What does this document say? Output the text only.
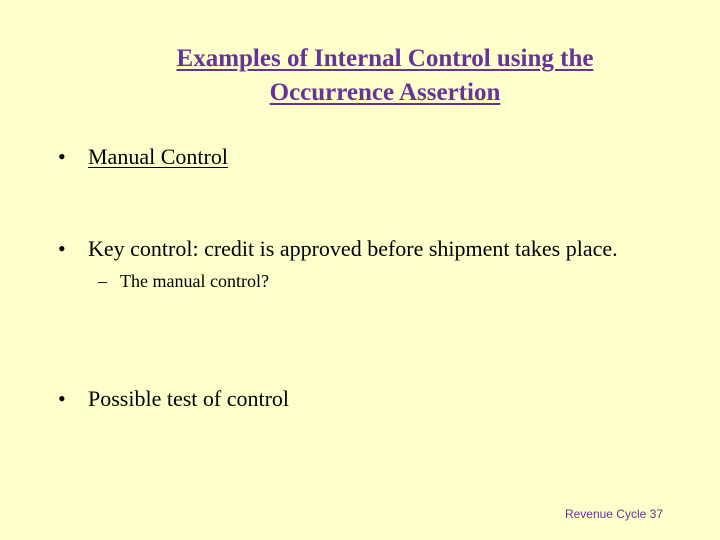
Examples of Internal Control using the
Occurrence Assertion
• Manual Control
• Key control: credit is approved before shipment takes place.
– The manual control?
• Possible test of control
Revenue Cycle 37
